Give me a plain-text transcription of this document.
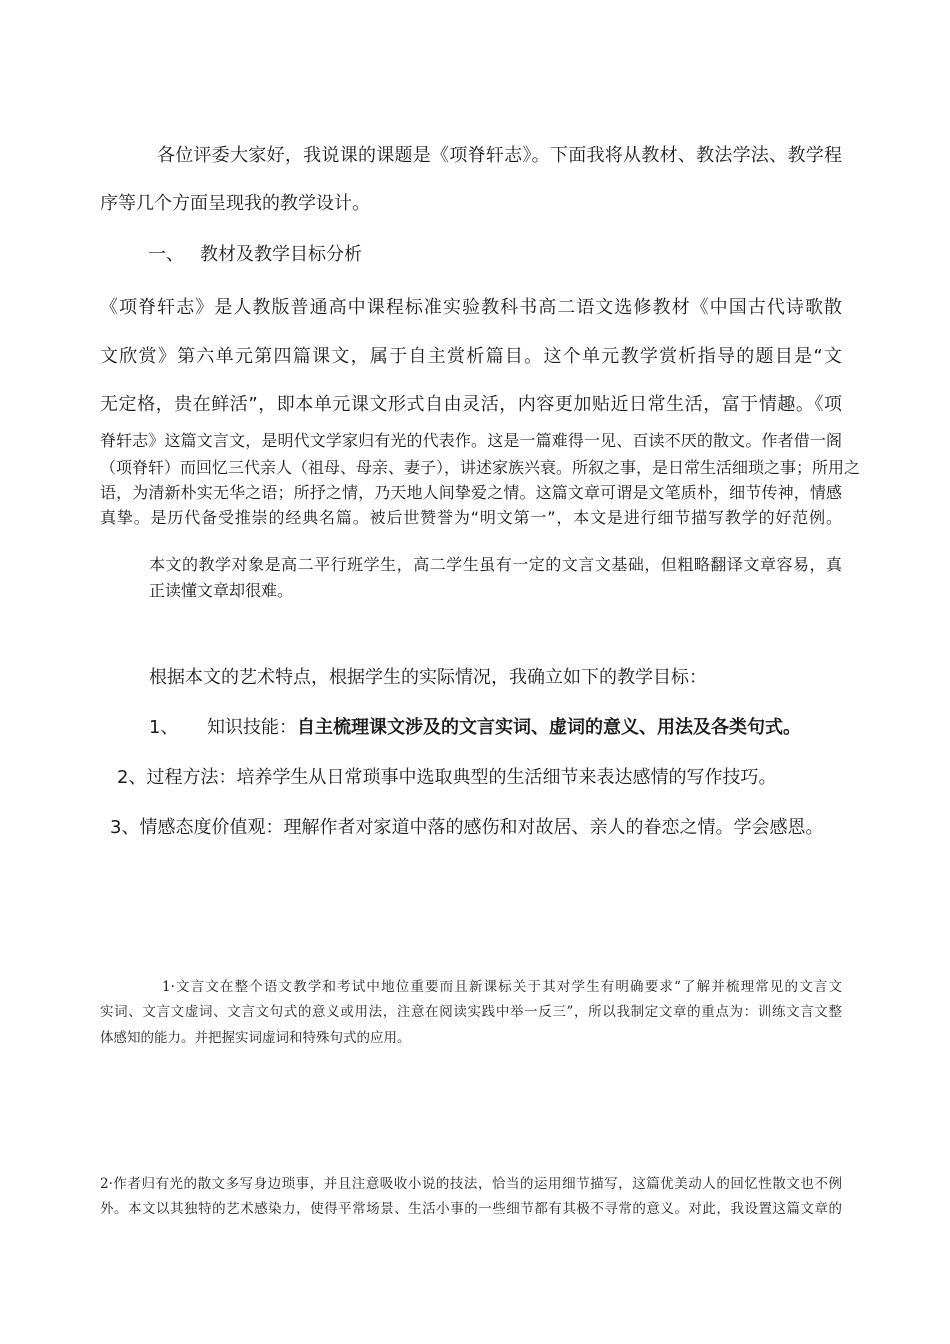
各位评委大家好，我说课的课题是《项脊轩志》。下面我将从教材、教法学法、教学程
序等几个方面呈现我的教学设计。
一、 教材及教学目标分析
《项脊轩志》是人教版普通高中课程标准实验教科书高二语文选修教材《中国古代诗歌散
文欣赏》第六单元第四篇课文，属于自主赏析篇目。这个单元教学赏析指导的题目是“文
无定格，贵在鲜活”，即本单元课文形式自由灵活，内容更加贴近日常生活，富于情趣。《项
脊轩志》这篇文言文，是明代文学家归有光的代表作。这是一篇难得一见、百读不厌的散文。作者借一阁
（项脊轩）而回忆三代亲人（祖母、母亲、妻子），讲述家族兴衰。所叙之事，是日常生活细琐之事；所用之
语，为清新朴实无华之语；所抒之情，乃天地人间挚爱之情。这篇文章可谓是文笔质朴，细节传神，情感
真挚。是历代备受推崇的经典名篇。被后世赞誉为“明文第一”，本文是进行细节描写教学的好范例。
本文的教学对象是高二平行班学生，高二学生虽有一定的文言文基础，但粗略翻译文章容易，真
正读懂文章却很难。
根据本文的艺术特点，根据学生的实际情况，我确立如下的教学目标：
1、 知识技能：自主梳理课文涉及的文言实词、虚词的意义、用法及各类句式。
2、过程方法：培养学生从日常琐事中选取典型的生活细节来表达感情的写作技巧。
3、情感态度价值观：理解作者对家道中落的感伤和对故居、亲人的眷恋之情。学会感恩。
1·文言文在整个语文教学和考试中地位重要而且新课标关于其对学生有明确要求“了解并梳理常见的文言文
实词、文言文虚词、文言文句式的意义或用法，注意在阅读实践中举一反三”，所以我制定文章的重点为：训练文言文整
体感知的能力。并把握实词虚词和特殊句式的应用。
2·作者归有光的散文多写身边琐事，并且注意吸收小说的技法，恰当的运用细节描写，这篇优美动人的回忆性散文也不例
外。本文以其独特的艺术感染力，使得平常场景、生活小事的一些细节都有其极不寻常的意义。对此，我设置这篇文章的
